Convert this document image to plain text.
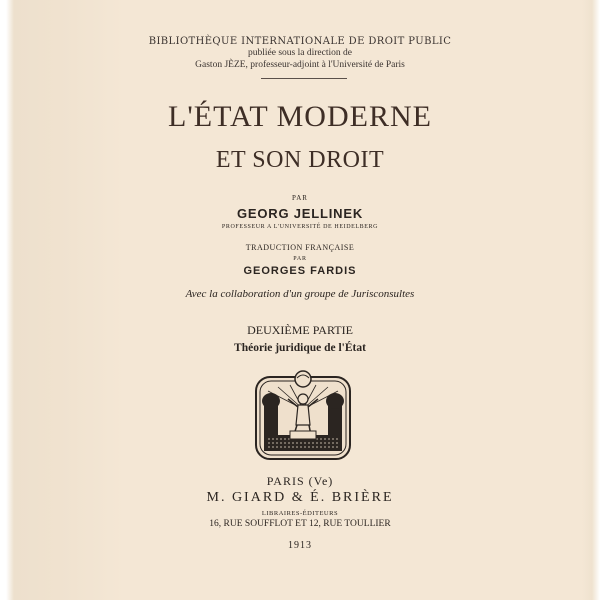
BIBLIOTHÈQUE INTERNATIONALE DE DROIT PUBLIC
publiée sous la direction de
Gaston JÈZE, professeur-adjoint à l'Université de Paris
L'ÉTAT MODERNE
ET SON DROIT
PAR
GEORG JELLINEK
PROFESSEUR A L'UNIVERSITÉ DE HEIDELBERG
TRADUCTION FRANÇAISE
PAR
GEORGES FARDIS
Avec la collaboration d'un groupe de Jurisconsultes
DEUXIÈME PARTIE
Théorie juridique de l'État
PARIS (Ve)
M. GIARD & É. BRIÈRE
LIBRAIRES-ÉDITEURS
16, RUE SOUFFLOT ET 12, RUE TOULLIER
1913
